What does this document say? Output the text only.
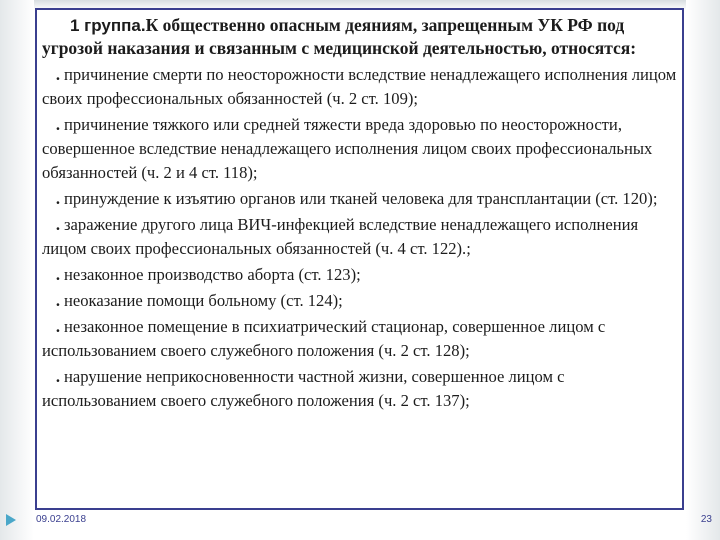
1 группа.К общественно опасным деяниям, запрещенным УК РФ под угрозой наказания и связанным с медицинской деятельностью, относятся:

. причинение смерти по неосторожности вследствие ненадлежащего исполнения лицом своих профессиональных обязанностей (ч. 2 ст. 109);

. причинение тяжкого или средней тяжести вреда здоровью по неосторожности, совершенное вследствие ненадлежащего исполнения лицом своих профессиональных обязанностей (ч. 2 и 4 ст. 118);

. принуждение к изъятию органов или тканей человека для трансплантации (ст. 120);

. заражение другого лица ВИЧ-инфекцией вследствие ненадлежащего исполнения лицом своих профессиональных обязанностей (ч. 4 ст. 122).;

. незаконное производство аборта (ст. 123);

. неоказание помощи больному (ст. 124);

. незаконное помещение в психиатрический стационар, совершенное лицом с использованием своего служебного положения (ч. 2 ст. 128);

. нарушение неприкосновенности частной жизни, совершенное лицом с использованием своего служебного положения (ч. 2 ст. 137);

09.02.2018	23
